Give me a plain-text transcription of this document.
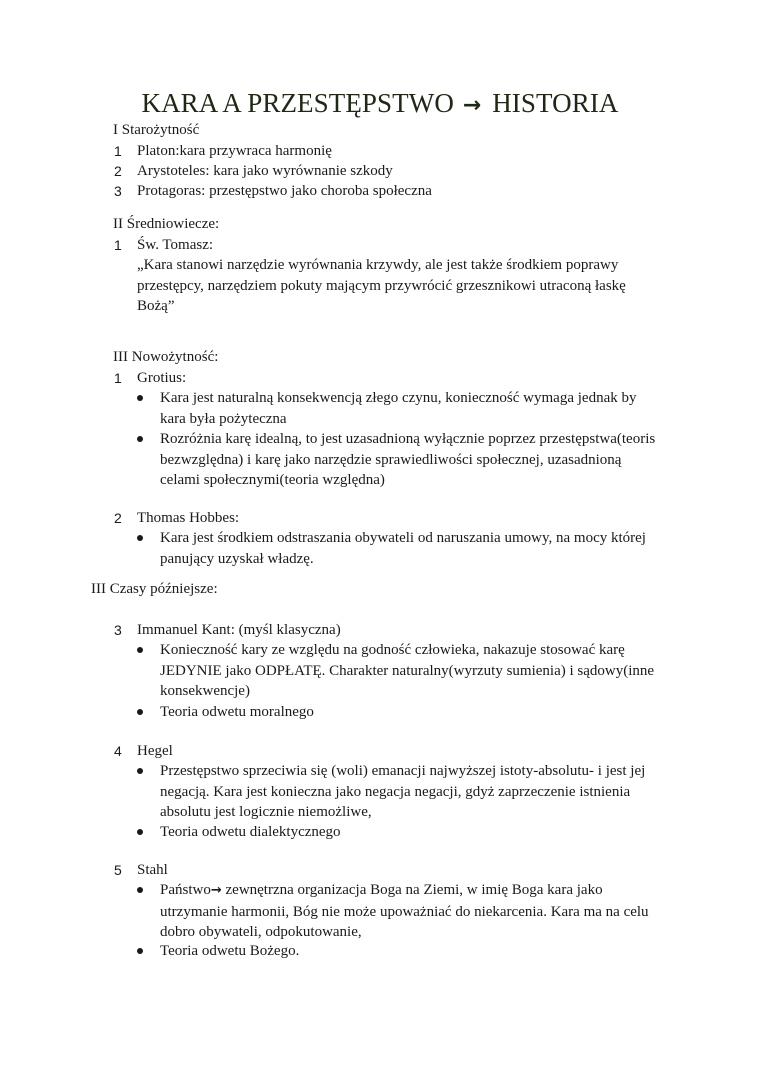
KARA A PRZESTĘPSTWO → HISTORIA
I Starożytność
1 Platon:kara przywraca harmonię
2 Arystoteles: kara jako wyrównanie szkody
3 Protagoras: przestępstwo jako choroba społeczna
II Średniowiecze:
1 Św. Tomasz:
„Kara stanowi narzędzie wyrównania krzywdy, ale jest także środkiem poprawy
przestępcy, narzędziem pokuty mającym przywrócić grzesznikowi utraconą łaskę
Bożą”
III Nowożytność:
1 Grotius:
Kara jest naturalną konsekwencją złego czynu, konieczność wymaga jednak by
kara była pożyteczna
Rozróżnia karę idealną, to jest uzasadnioną wyłącznie poprzez przestępstwa(teoris
bezwzględna) i karę jako narzędzie sprawiedliwości społecznej, uzasadnioną
celami społecznymi(teoria względna)
2 Thomas Hobbes:
Kara jest środkiem odstraszania obywateli od naruszania umowy, na mocy której
panujący uzyskał władzę.
III Czasy późniejsze:
3 Immanuel Kant: (myśl klasyczna)
Konieczność kary ze względu na godność człowieka, nakazuje stosować karę
JEDYNIE jako ODPŁATĘ. Charakter naturalny(wyrzuty sumienia) i sądowy(inne
konsekwencje)
Teoria odwetu moralnego
4 Hegel
Przestępstwo sprzeciwia się (woli) emanacji najwyższej istoty-absolutu- i jest jej
negacją. Kara jest konieczna jako negacja negacji, gdyż zaprzeczenie istnienia
absolutu jest logicznie niemożliwe,
Teoria odwetu dialektycznego
5 Stahl
Państwo→ zewnętrzna organizacja Boga na Ziemi, w imię Boga kara jako
utrzymanie harmonii, Bóg nie może upoważniać do niekarcenia. Kara ma na celu
dobro obywateli, odpokutowanie,
Teoria odwetu Bożego.
